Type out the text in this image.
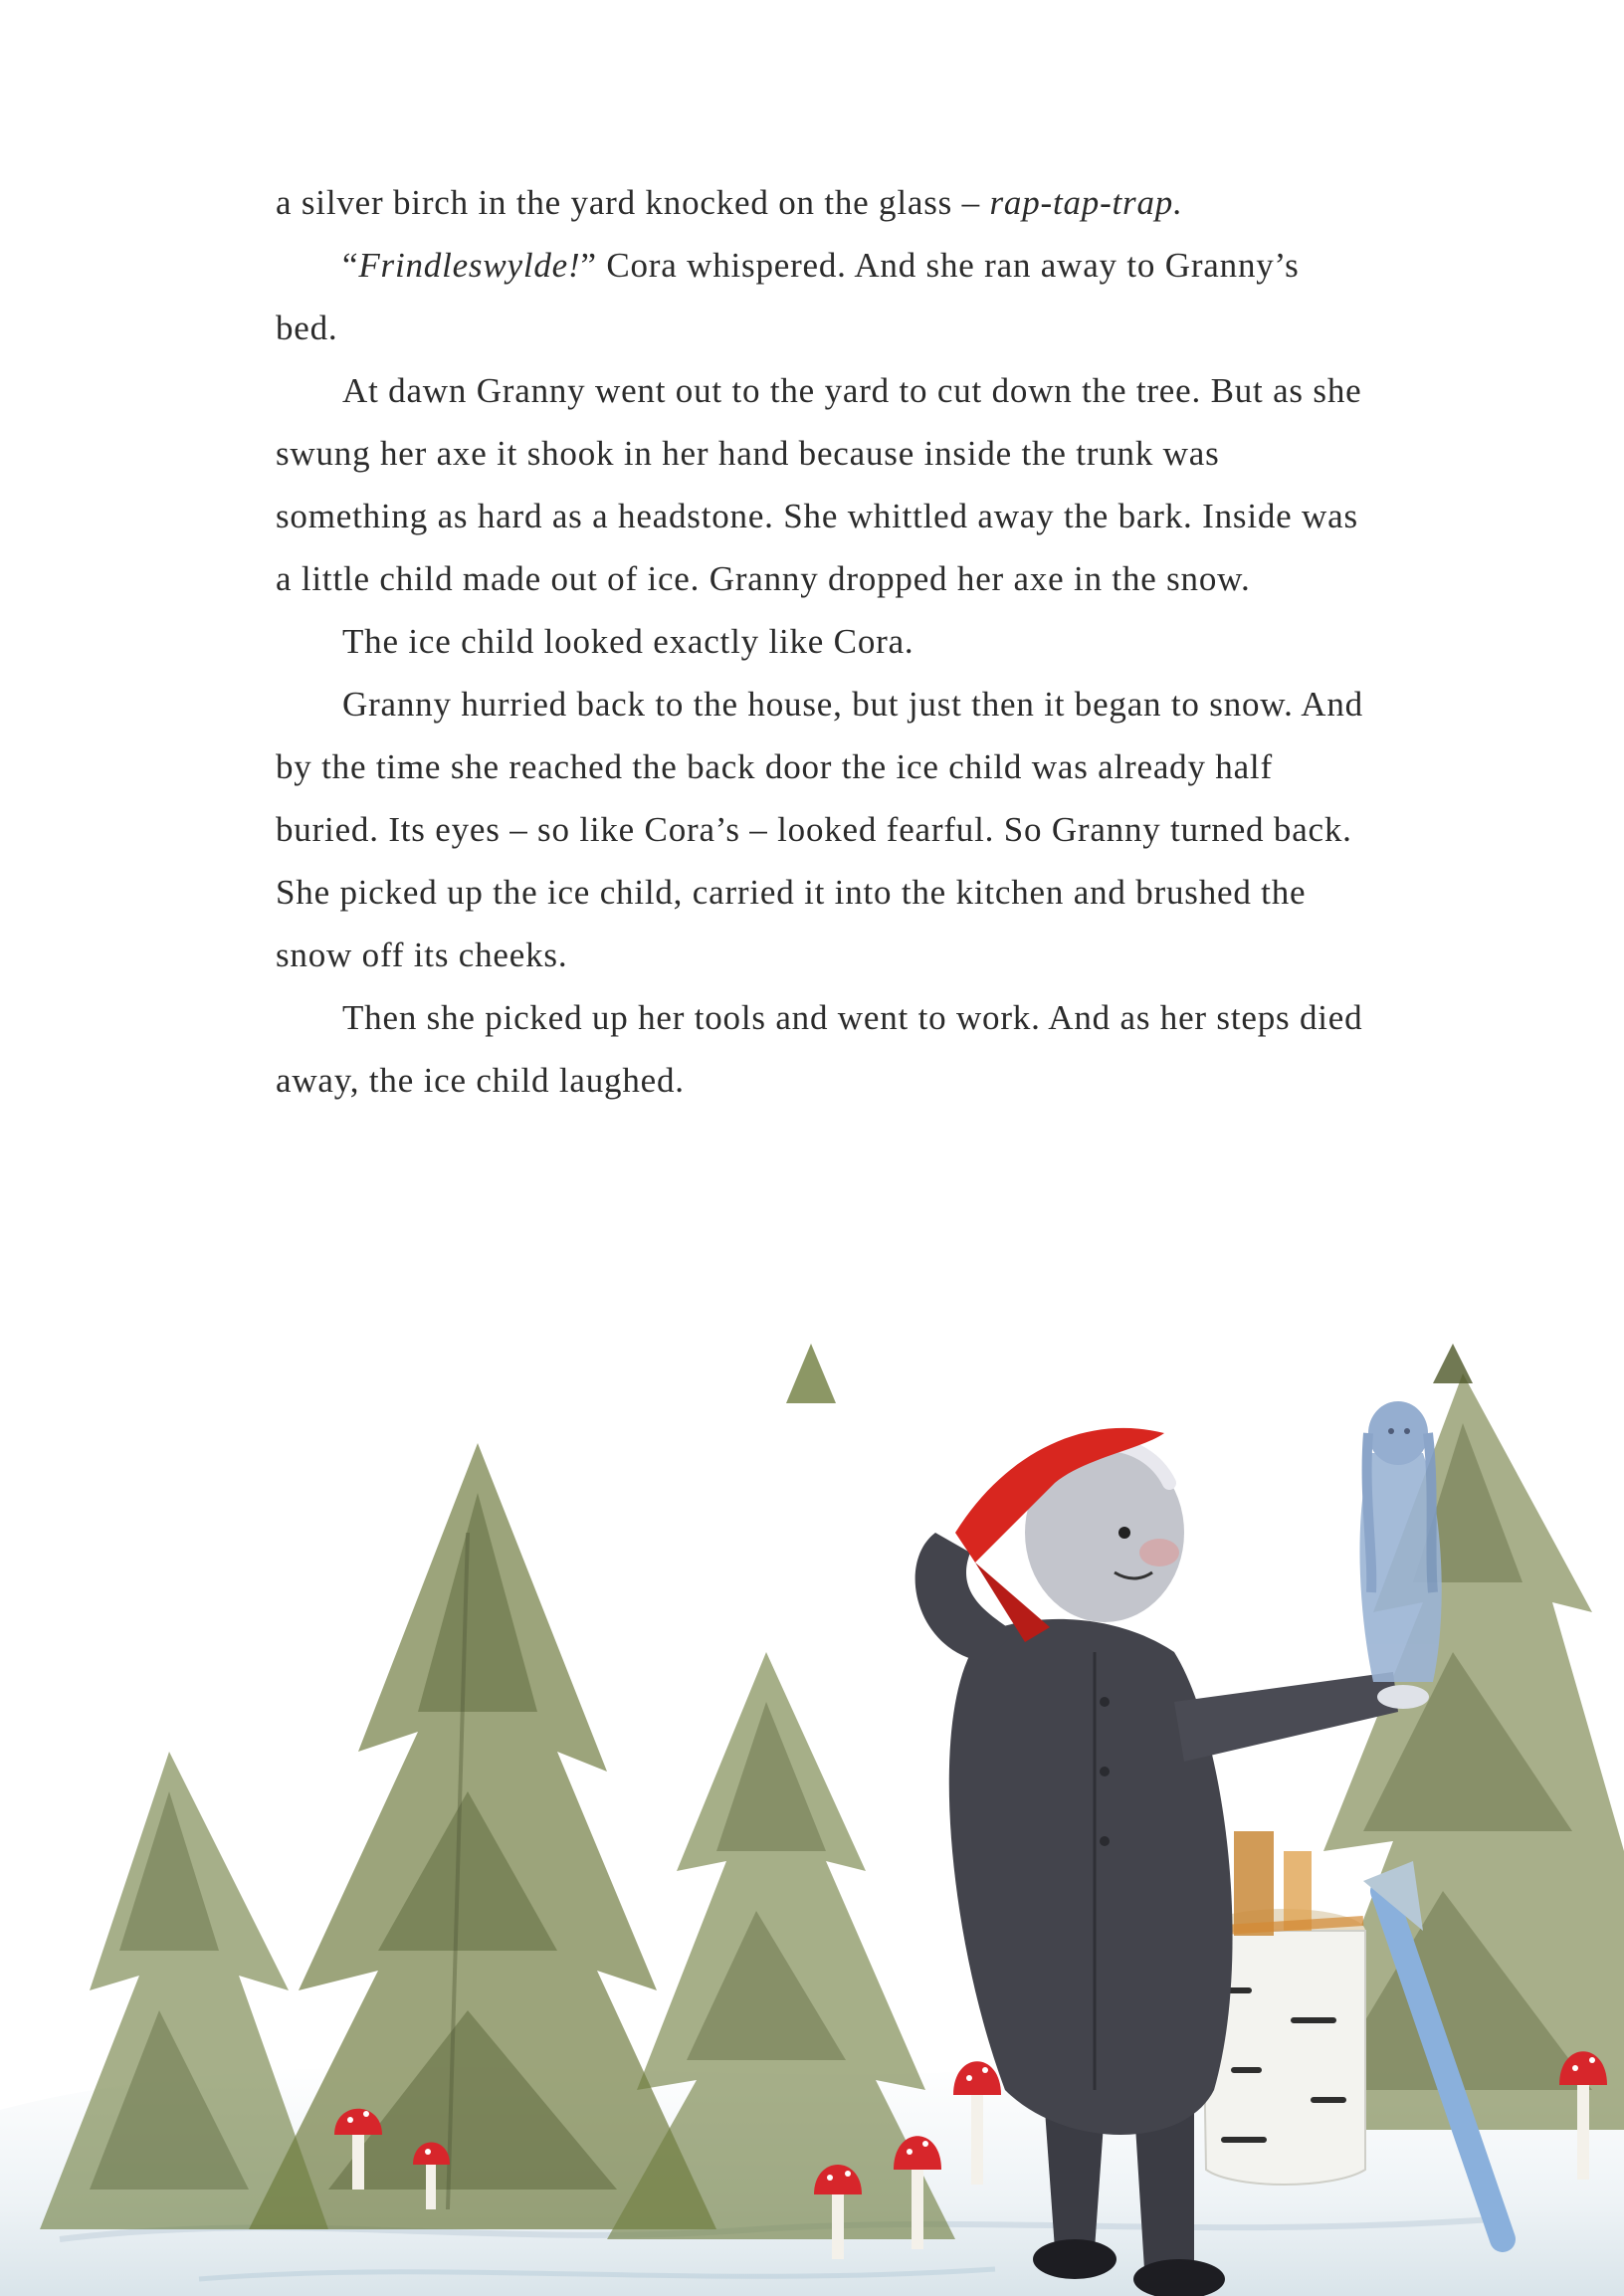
a silver birch in the yard knocked on the glass – rap-tap-trap.

“Frindleswylde!” Cora whispered. And she ran away to Granny’s bed.

At dawn Granny went out to the yard to cut down the tree. But as she swung her axe it shook in her hand because inside the trunk was something as hard as a headstone. She whittled away the bark. Inside was a little child made out of ice. Granny dropped her axe in the snow.

The ice child looked exactly like Cora.

Granny hurried back to the house, but just then it began to snow. And by the time she reached the back door the ice child was already half buried. Its eyes – so like Cora’s – looked fearful. So Granny turned back. She picked up the ice child, carried it into the kitchen and brushed the snow off its cheeks.

Then she picked up her tools and went to work. And as her steps died away, the ice child laughed.
